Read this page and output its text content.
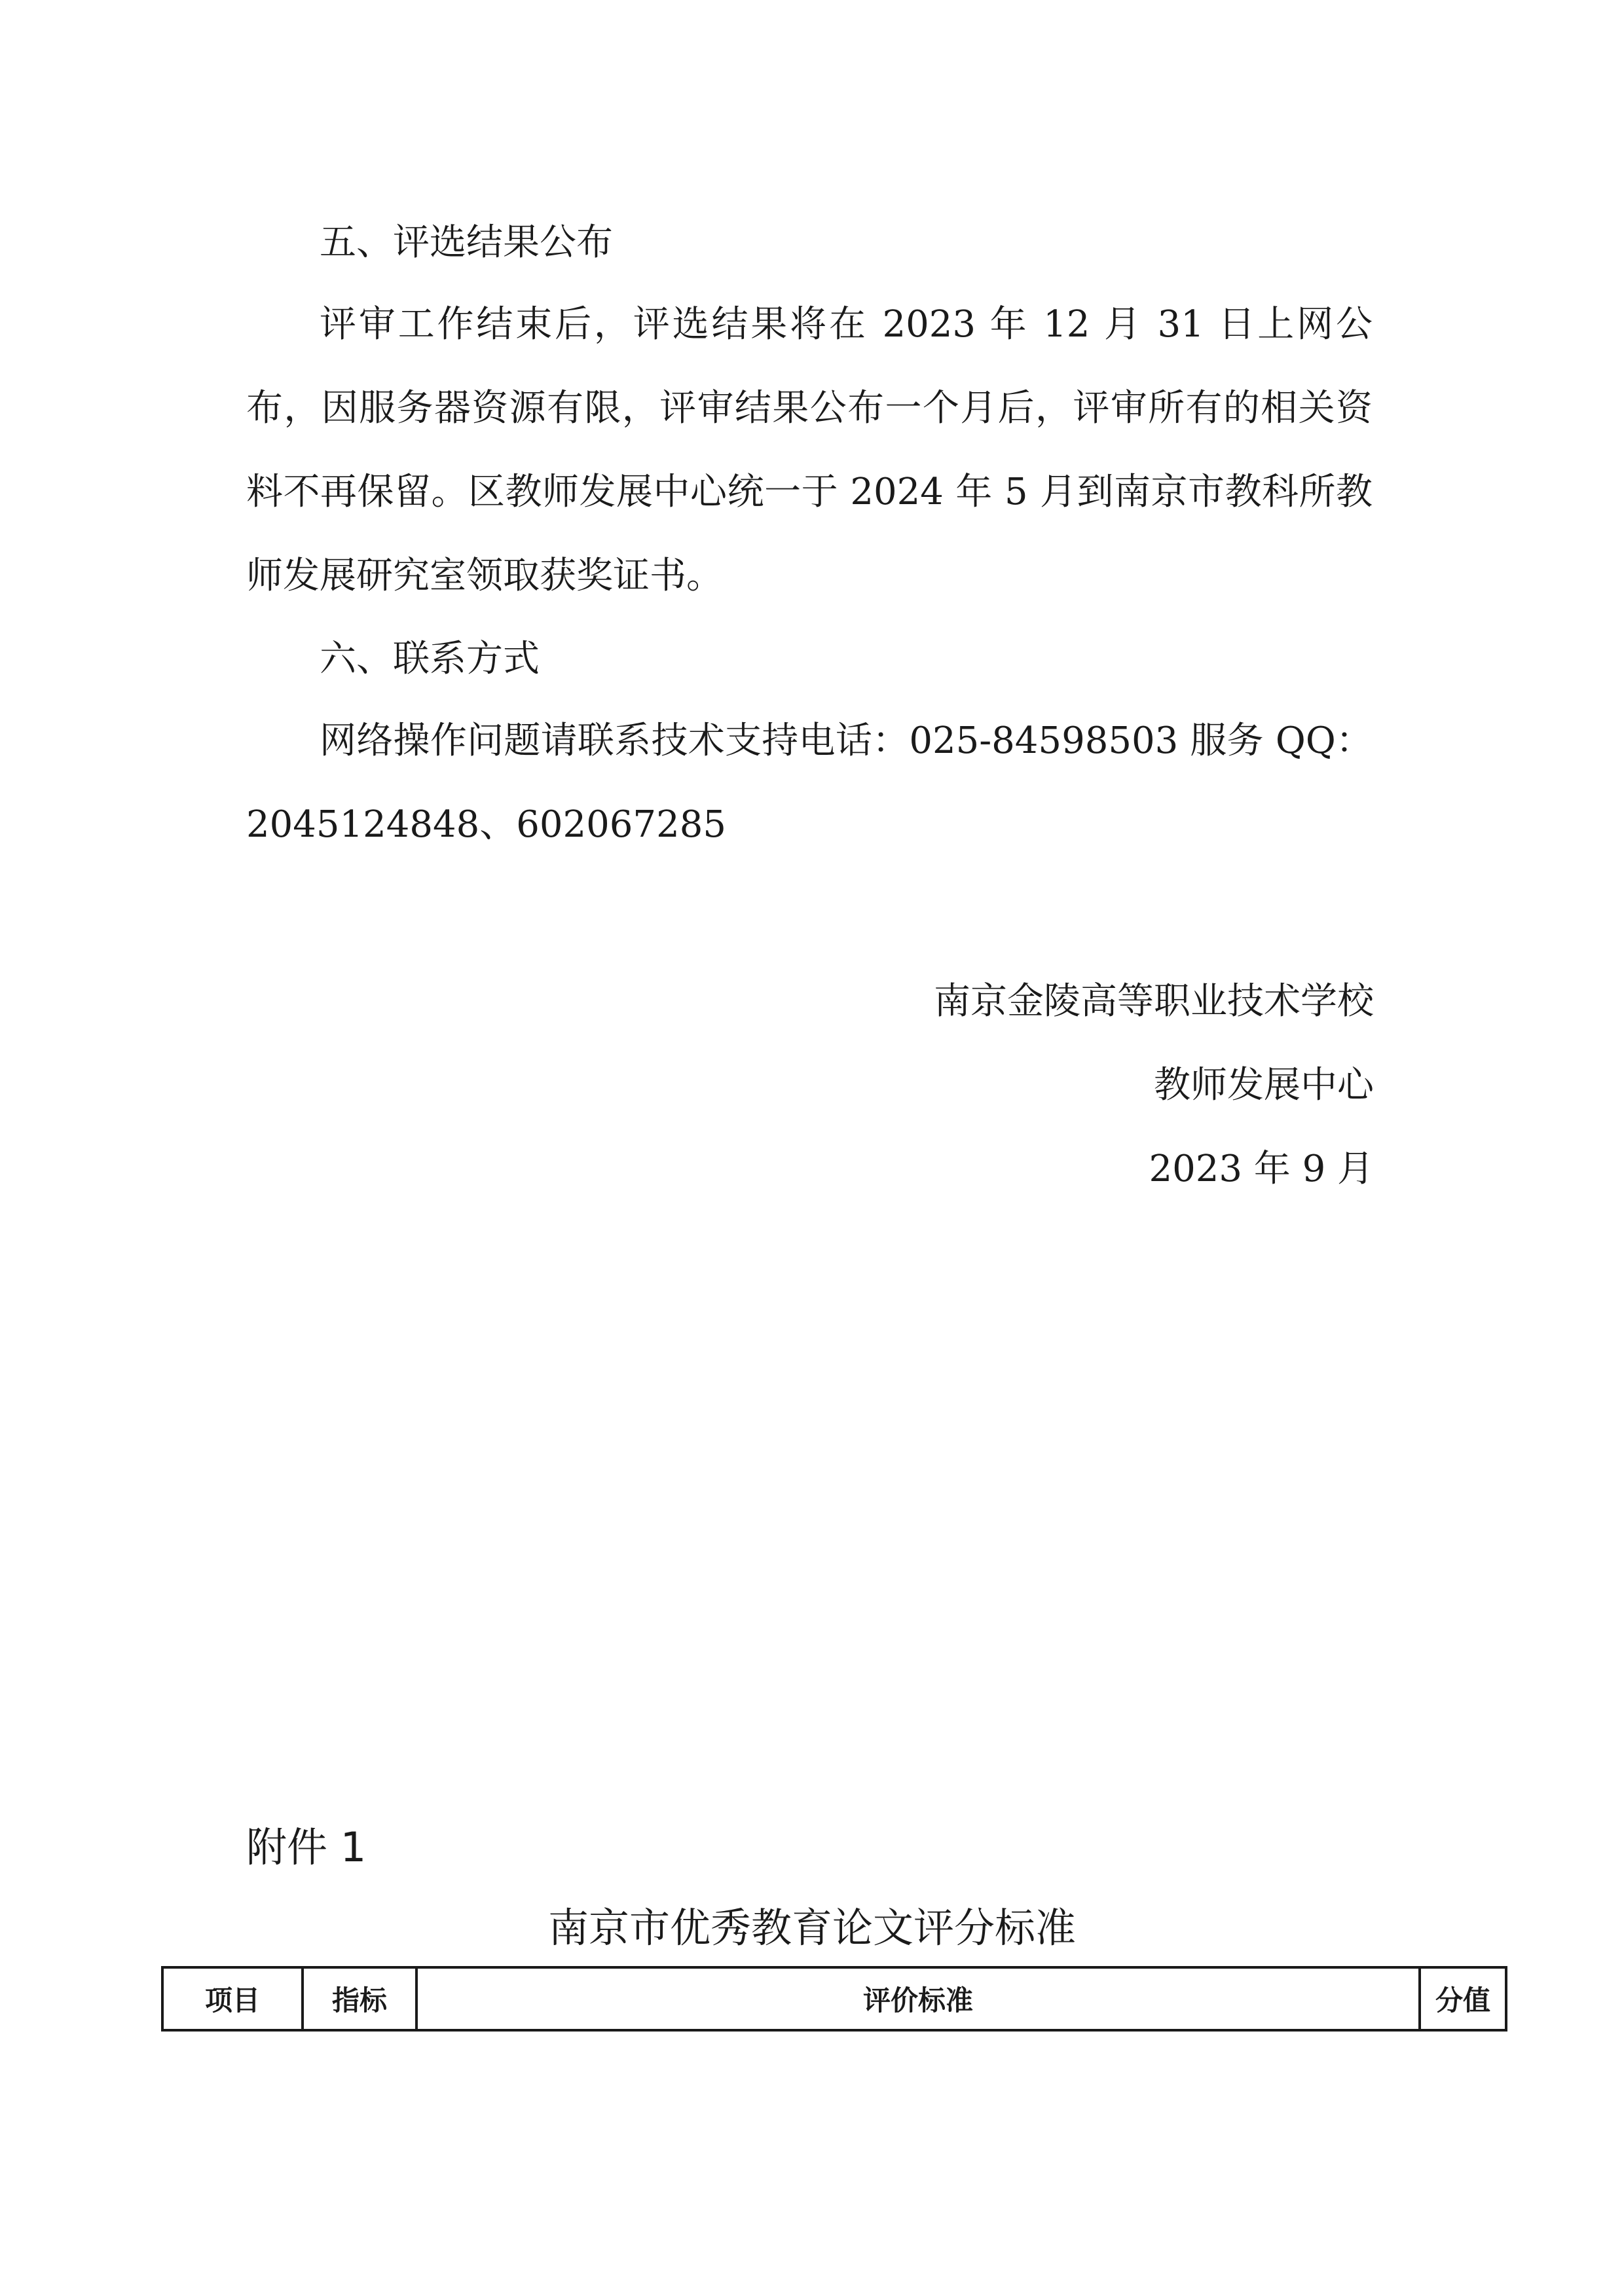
五、评选结果公布

评审工作结束后，评选结果将在 2023 年 12 月 31 日上网公布，因服务器资源有限，评审结果公布一个月后，评审所有的相关资料不再保留。区教师发展中心统一于 2024 年 5 月到南京市教科所教师发展研究室领取获奖证书。

六、联系方式

网络操作问题请联系技术支持电话：025-84598503 服务 QQ：2045124848、602067285

南京金陵高等职业技术学校

教师发展中心

2023 年 9 月

附件 1

南京市优秀教育论文评分标准

项目	指标	评价标准	分值
